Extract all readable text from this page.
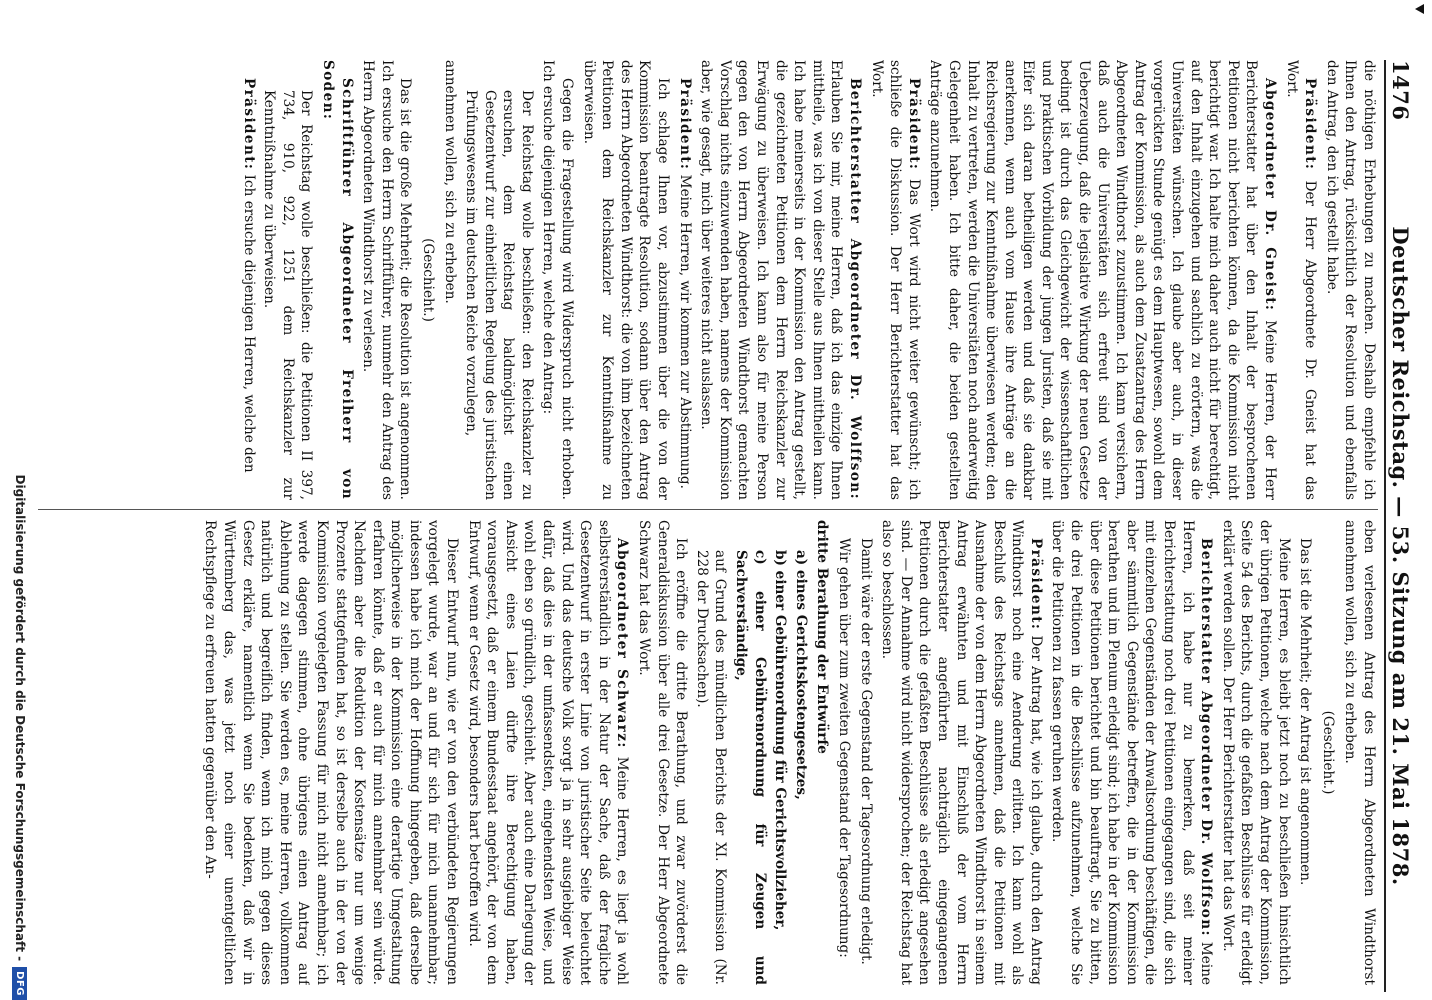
1476
Deutscher Reichstag. — 53. Sitzung am 21. Mai 1878.

die nöthigen Erhebungen zu machen. Deshalb empfehle ich Ihnen den Antrag, rücksichtlich der Resolution und ebenfalls den Antrag, den ich gestellt habe.

Präsident: Der Herr Abgeordnete Dr. Gneist hat das Wort.

Abgeordneter Dr. Gneist: Meine Herren, der Herr Berichterstatter hat über den Inhalt der besprochenen Petitionen nicht berichten können, da die Kommission nicht berichtigt war. Ich halte mich daher auch nicht für berechtigt, auf den Inhalt einzugehen und sachlich zu erörtern, was die Universitäten wünschen. Ich glaube aber auch, in dieser vorgerückten Stunde genügt es dem Hauptwesen, sowohl dem Antrag der Kommission, als auch dem Zusatzantrag des Herrn Abgeordneten Windthorst zuzustimmen. Ich kann versichern, daß auch die Universitäten sich erfreut sind von der Ueberzeugung, daß die legislative Wirkung der neuen Gesetze bedingt ist durch das Gleichgewicht der wissenschaftlichen und praktischen Vorbildung der jungen Juristen, daß sie mit Eifer sich daran betheiligen werden und daß sie dankbar anerkennen, wenn auch vom Hause ihre Anträge an die Reichsregierung zur Kenntnißnahme überwiesen werden; den Inhalt zu vertreten, werden die Universitäten noch anderweitig Gelegenheit haben. Ich bitte daher, die beiden gestellten Anträge anzunehmen.

Präsident: Das Wort wird nicht weiter gewünscht; ich schließe die Diskussion. Der Herr Berichterstatter hat das Wort.

Berichterstatter Abgeordneter Dr. Wolffson: Erlauben Sie mir, meine Herren, daß ich das einzige Ihnen mittheile, was ich von dieser Stelle aus Ihnen mittheilen kann. Ich habe meinerseits in der Kommission den Antrag gestellt, die gezeichneten Petitionen dem Herrn Reichskanzler zur Erwägung zu überweisen. Ich kann also für meine Person gegen den von Herrn Abgeordneten Windthorst gemachten Vorschlag nichts einzuwenden haben, namens der Kommission aber, wie gesagt, mich über weiteres nicht auslassen.

Präsident: Meine Herren, wir kommen zur Abstimmung.

Ich schlage Ihnen vor, abzustimmen über die von der Kommission beantragte Resolution, sodann über den Antrag des Herrn Abgeordneten Windthorst: die von ihm bezeichneten Petitionen dem Reichskanzler zur Kenntnißnahme zu überweisen.

Gegen die Fragestellung wird Widerspruch nicht erhoben. Ich ersuche diejenigen Herren, welche den Antrag:

Der Reichstag wolle beschließen: den Reichskanzler zu ersuchen, dem Reichstag baldmöglichst einen Gesetzentwurf zur einheitlichen Regelung des juristischen Prüfungswesens im deutschen Reiche vorzulegen,

annehmen wollen, sich zu erheben.

(Geschieht.)

Das ist die große Mehrheit; die Resolution ist angenommen. Ich ersuche den Herrn Schriftführer, nunmehr den Antrag des Herrn Abgeordneten Windthorst zu verlesen.

Schriftführer Abgeordneter Freiherr von Soden:

Der Reichstag wolle beschließen: die Petitionen II 397, 734, 910, 922, 1251 dem Reichskanzler zur Kenntnißnahme zu überweisen.

Präsident: Ich ersuche diejenigen Herren, welche den

eben verlesenen Antrag des Herrn Abgeordneten Windthorst annehmen wollen, sich zu erheben.

(Geschieht.)

Das ist die Mehrheit; der Antrag ist angenommen.

Meine Herren, es bleibt jetzt noch zu beschließen hinsichtlich der übrigen Petitionen, welche nach dem Antrag der Kommission, Seite 54 des Berichts, durch die gefaßten Beschlüsse für erledigt erklärt werden sollen. Der Herr Berichterstatter hat das Wort.

Berichterstatter Abgeordneter Dr. Wolffson: Meine Herren, ich habe nur zu bemerken, daß seit meiner Berichterstattung noch drei Petitionen eingegangen sind, die sich mit einzelnen Gegenständen der Anwaltsordnung beschäftigen, die aber sämmtlich Gegenstände betreffen, die in der Kommission berathen und im Plenum erledigt sind; ich habe in der Kommission über diese Petitionen berichtet und bin beauftragt, Sie zu bitten, die drei Petitionen in die Beschlüsse aufzunehmen, welche Sie über die Petitionen zu fassen geruhen werden.

Präsident: Der Antrag hat, wie ich glaube, durch den Antrag Windthorst noch eine Aenderung erlitten. Ich kann wohl als Beschluß des Reichstags annehmen, daß die Petitionen mit Ausnahme der von dem Herrn Abgeordneten Windthorst in seinem Antrag erwähnten und mit Einschluß der vom Herrn Berichterstatter angeführten nachträglich eingegangenen Petitionen durch die gefaßten Beschlüsse als erledigt angesehen sind. — Der Annahme wird nicht widersprochen; der Reichstag hat also so beschlossen.

Damit wäre der erste Gegenstand der Tagesordnung erledigt.

Wir gehen über zum zweiten Gegenstand der Tagesordnung:

dritte Berathung der Entwürfe

a) eines Gerichtskostengesetzes,

b) einer Gebührenordnung für Gerichtsvollzieher,

c) einer Gebührenordnung für Zeugen und Sachverständige,

auf Grund des mündlichen Berichts der XI. Kommission (Nr. 228 der Drucksachen).

Ich eröffne die dritte Berathung, und zwar zuvörderst die Generaldiskussion über alle drei Gesetze. Der Herr Abgeordnete Schwarz hat das Wort.

Abgeordneter Schwarz: Meine Herren, es liegt ja wohl selbstverständlich in der Natur der Sache, daß der fragliche Gesetzentwurf in erster Linie von juristischer Seite beleuchtet wird. Und das deutsche Volk sorgt ja in sehr ausgiebiger Weise dafür, daß dies in der umfassendsten, eingehendsten Weise, und wohl eben so gründlich, geschieht. Aber auch eine Darlegung der Ansicht eines Laien dürfte ihre Berechtigung haben, vorausgesetzt, daß er einem Bundesstaat angehört, der von dem Entwurf, wenn er Gesetz wird, besonders hart betroffen wird.

Dieser Entwurf nun, wie er von den verbündeten Regierungen vorgelegt wurde, war an und für sich für mich unannehmbar; indessen habe ich mich der Hoffnung hingegeben, daß derselbe möglicherweise in der Kommission eine derartige Umgestaltung erfahren könnte, daß er auch für mich annehmbar sein würde. Nachdem aber die Reduktion der Kostensätze nur um wenige Prozente stattgefunden hat, so ist derselbe auch in der von der Kommission vorgelegten Fassung für mich nicht annehmbar; ich werde dagegen stimmen, ohne übrigens einen Antrag auf Ablehnung zu stellen. Sie werden es, meine Herren, vollkommen natürlich und begreiflich finden, wenn ich mich gegen dieses Gesetz erkläre, namentlich wenn Sie bedenken, daß wir in Württemberg das, was jetzt noch einer unentgeltlichen Rechtspflege zu erfreuen hatten gegenüber den An-

Digitalisierung gefördert durch die Deutsche Forschungsgemeinschaft -
DFG
